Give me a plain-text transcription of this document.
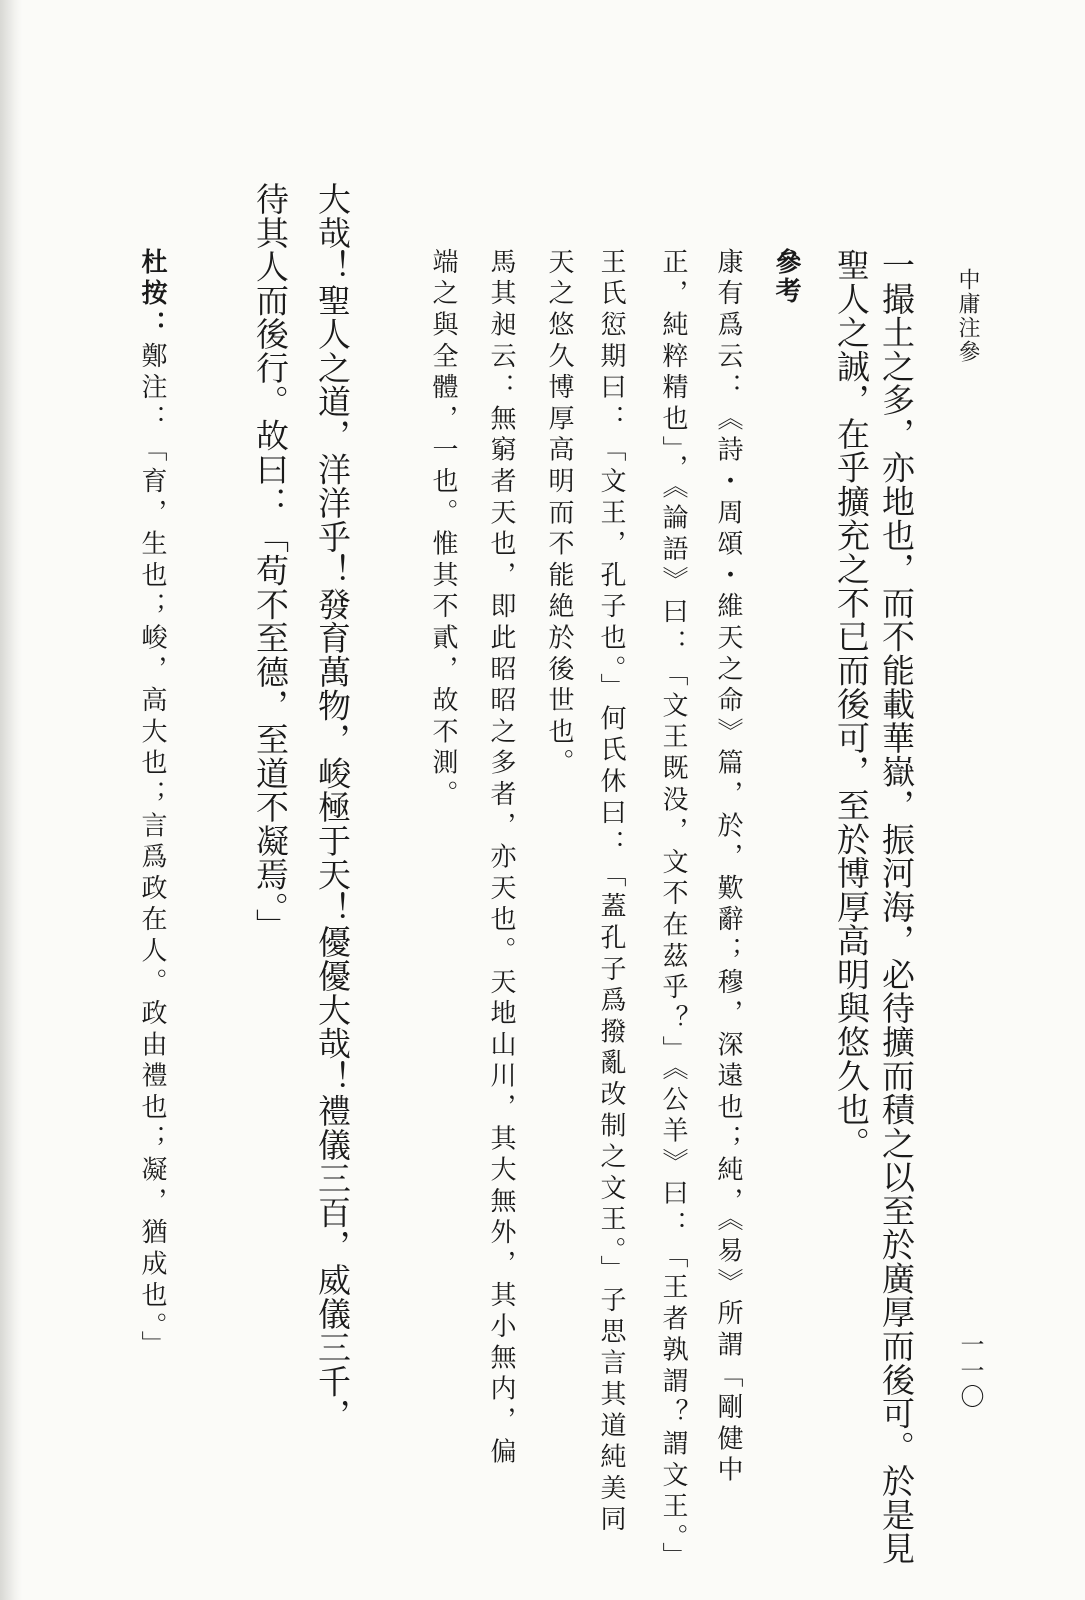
中庸注參
一一〇
一撮土之多，亦地也，而不能載華嶽，振河海，必待擴而積之以至於廣厚而後可。於是見
聖人之誠，在乎擴充之不已而後可，至於博厚高明與悠久也。
參考
康有爲云：《詩・周頌・維天之命》篇，於，歎辭；穆，深遠也；純，《易》所謂「剛健中
正，純粹精也」，《論語》曰：「文王既没，文不在茲乎？」《公羊》曰：「王者孰謂？謂文王。」
王氏愆期曰：「文王，孔子也。」何氏休曰：「蓋孔子爲撥亂改制之文王。」子思言其道純美同
天之悠久博厚高明而不能絶於後世也。
馬其昶云：無窮者天也，即此昭昭之多者，亦天也。天地山川，其大無外，其小無内，偏
端之與全體，一也。惟其不貳，故不測。
大哉！聖人之道，洋洋乎！發育萬物，峻極于天！優優大哉！禮儀三百，威儀三千，
待其人而後行。故曰：「苟不至德，至道不凝焉。」
杜按：鄭注：「育，生也；峻，高大也；言爲政在人。政由禮也；凝，猶成也。」
